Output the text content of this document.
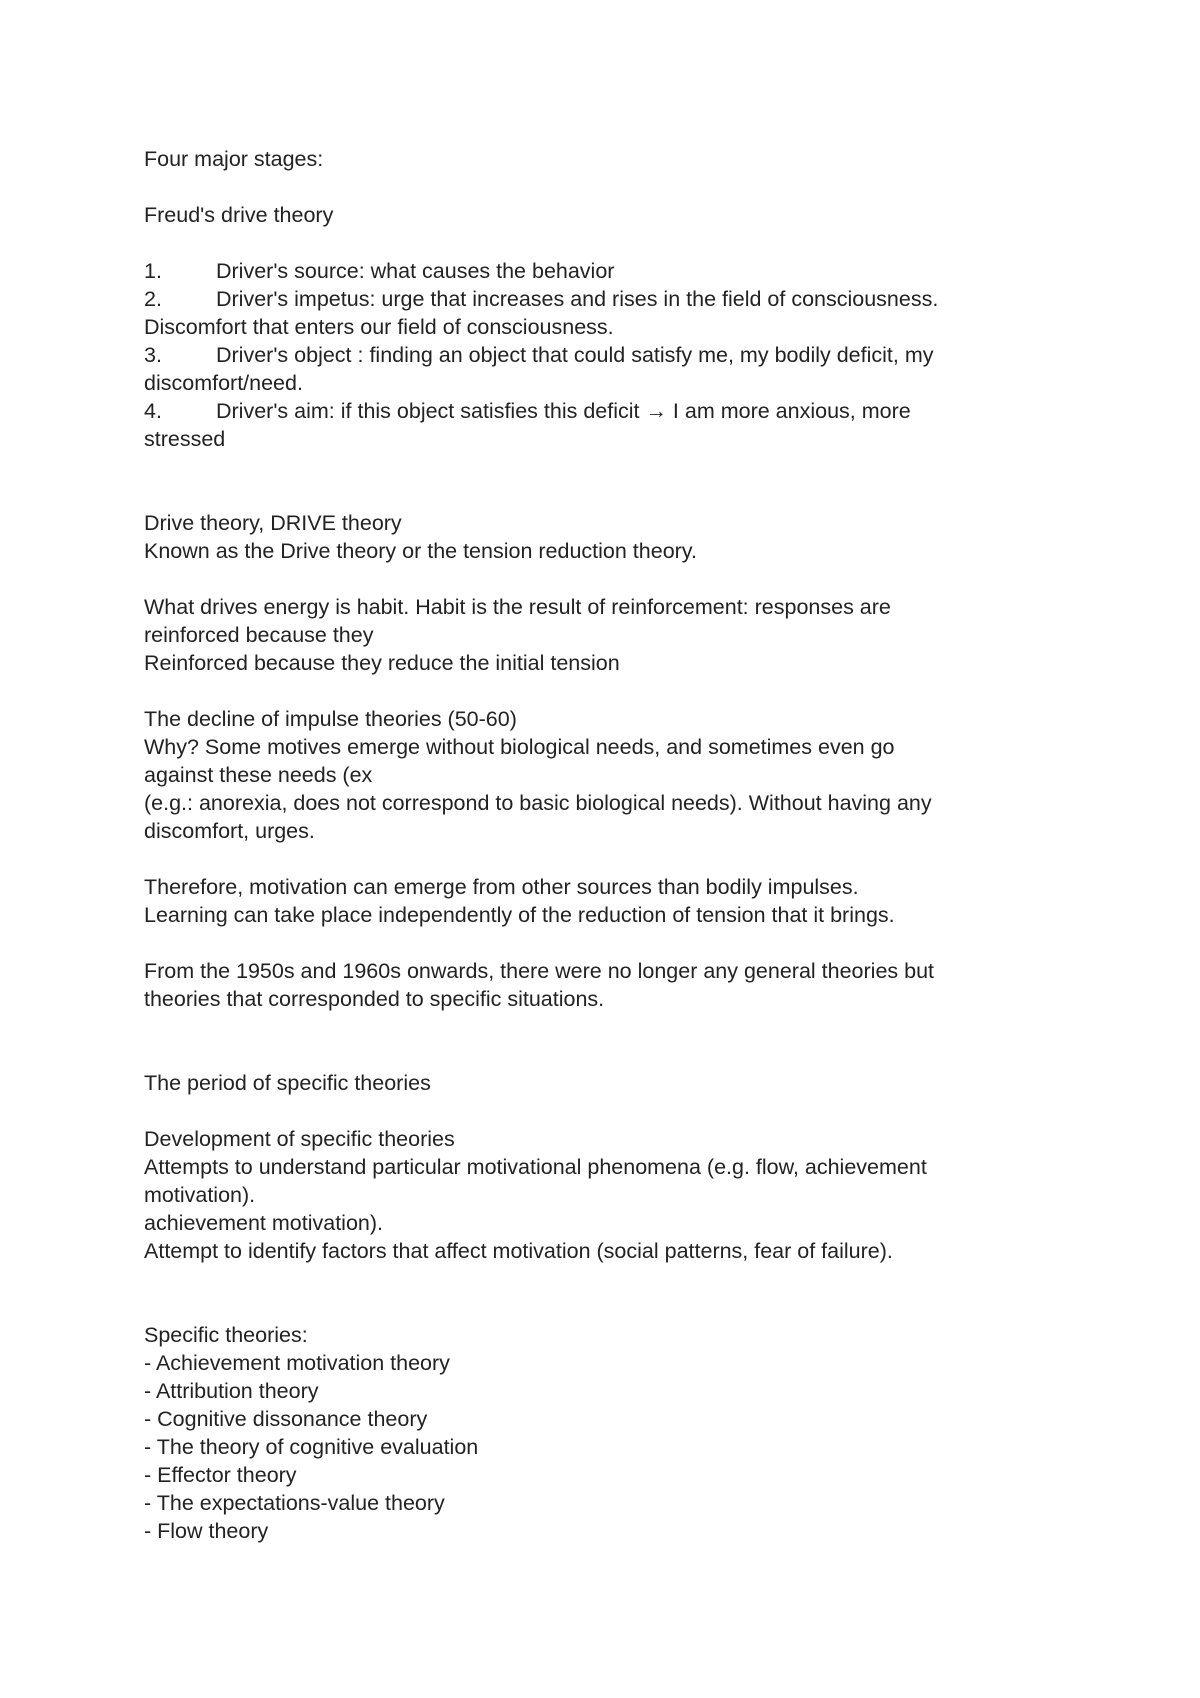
Four major stages:
Freud's drive theory
1.	Driver's source: what causes the behavior
2.	Driver's impetus: urge that increases and rises in the field of consciousness.
Discomfort that enters our field of consciousness.
3.	Driver's object : finding an object that could satisfy me, my bodily deficit, my
discomfort/need.
4.	Driver's aim: if this object satisfies this deficit → I am more anxious, more
stressed
Drive theory, DRIVE theory
Known as the Drive theory or the tension reduction theory.
What drives energy is habit. Habit is the result of reinforcement: responses are
reinforced because they
Reinforced because they reduce the initial tension
The decline of impulse theories (50-60)
Why? Some motives emerge without biological needs, and sometimes even go
against these needs (ex
(e.g.: anorexia, does not correspond to basic biological needs). Without having any
discomfort, urges.
Therefore, motivation can emerge from other sources than bodily impulses.
Learning can take place independently of the reduction of tension that it brings.
From the 1950s and 1960s onwards, there were no longer any general theories but
theories that corresponded to specific situations.
The period of specific theories
Development of specific theories
Attempts to understand particular motivational phenomena (e.g. flow, achievement
motivation).
achievement motivation).
Attempt to identify factors that affect motivation (social patterns, fear of failure).
Specific theories:
- Achievement motivation theory
- Attribution theory
- Cognitive dissonance theory
- The theory of cognitive evaluation
- Effector theory
- The expectations-value theory
- Flow theory
